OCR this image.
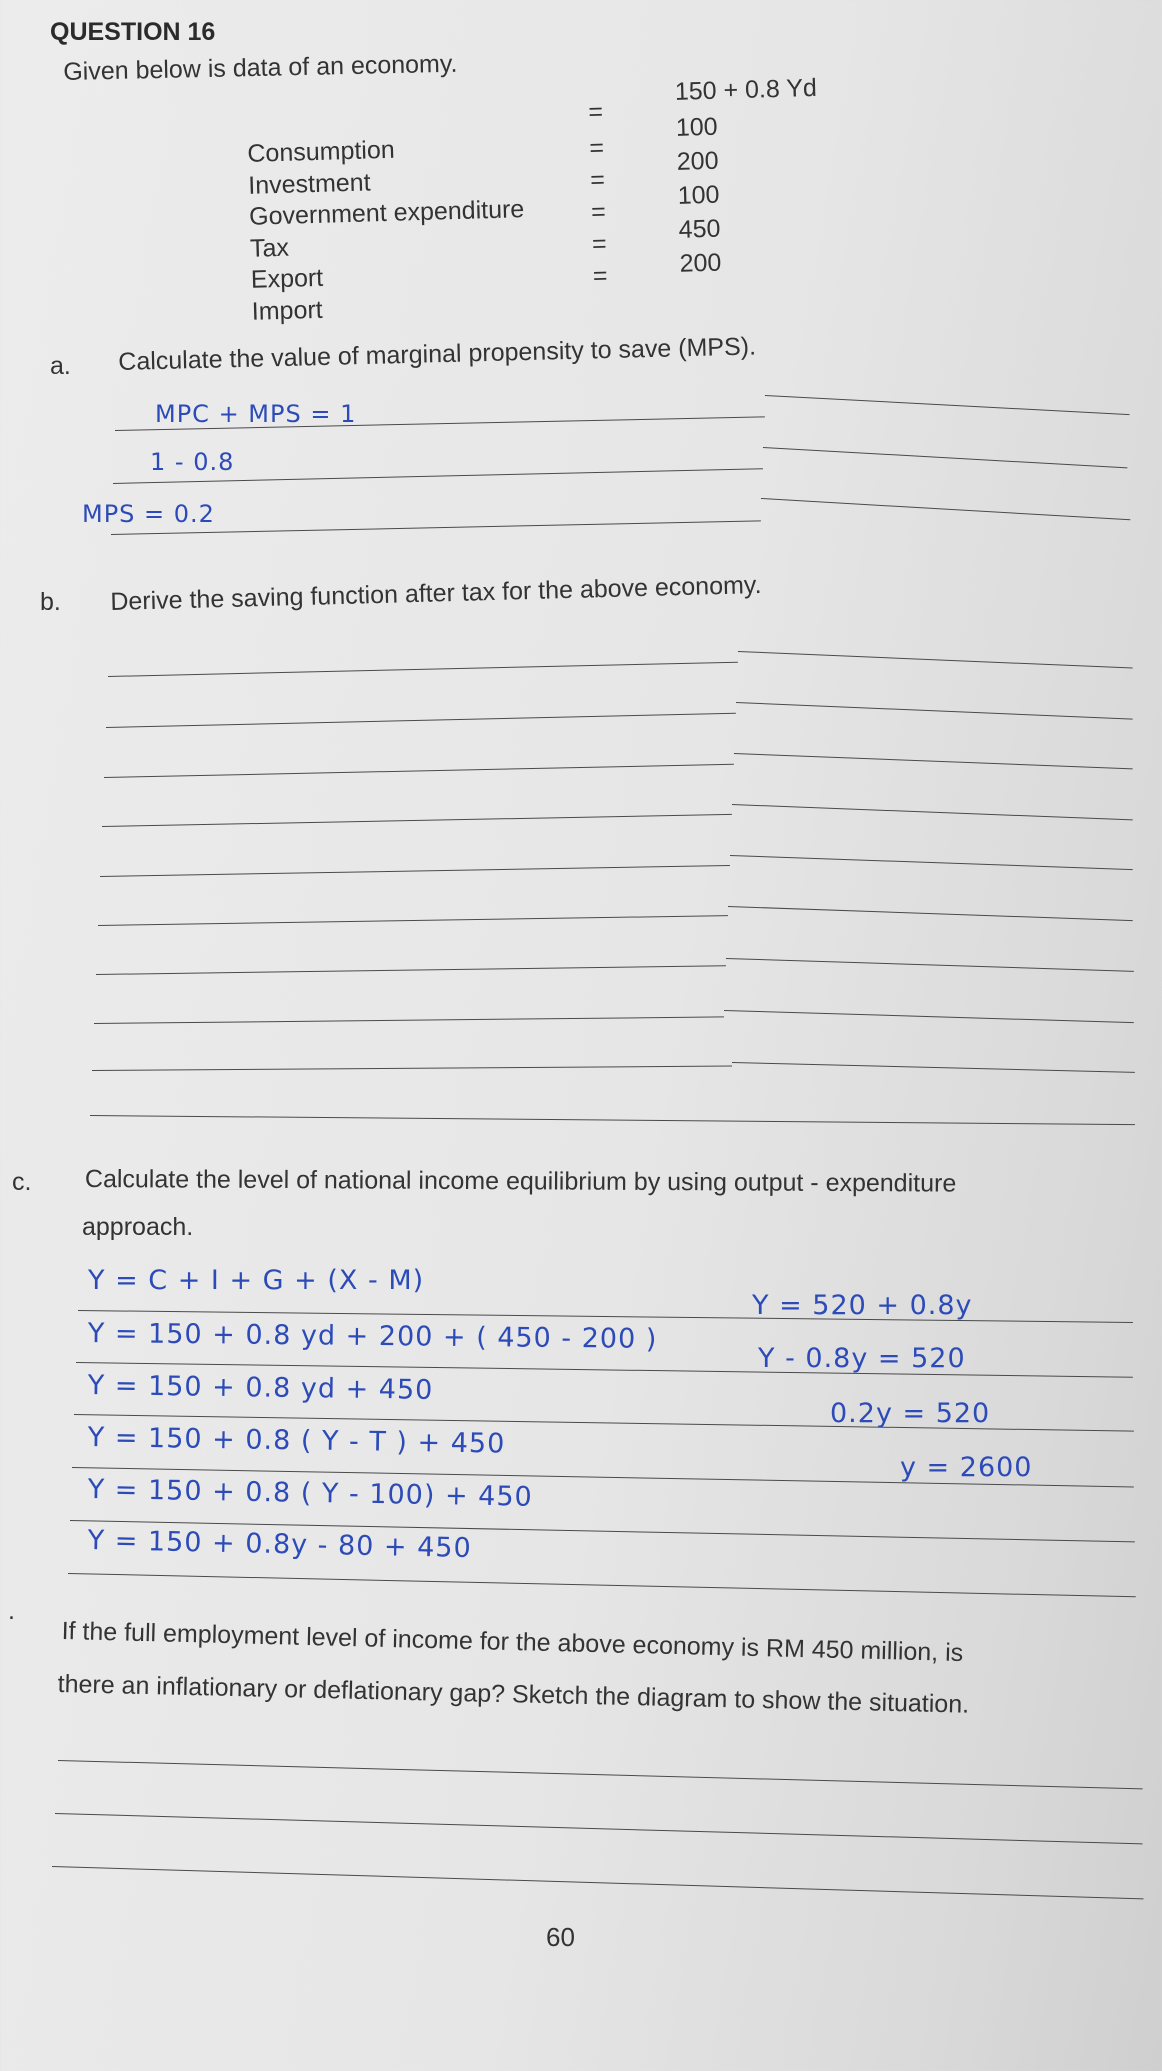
QUESTION 16
Given below is data of an economy.
150 + 0.8 Yd
=
Consumption
100
=
Investment
200
=
Government expenditure	100
=
Tax
450
=
Export
200
=
Import
a. Calculate the value of marginal propensity to save (MPS).
MPC + MPS = 1
1 - 0.8
MPS = 0.2
b. Derive the saving function after tax for the above economy.
c. Calculate the level of national income equilibrium by using output - expenditure
approach.
Y = C + I + G + (X - M)
Y = 150 + 0.8 yd + 200 + ( 450 - 200 )
Y = 150 + 0.8 yd + 450
Y = 150 + 0.8 ( Y - T ) + 450
Y = 150 + 0.8 ( Y - 100) + 450
Y = 150 + 0.8y - 80 + 450
Y = 520 + 0.8y
Y - 0.8y = 520
0.2y = 520
y = 2600
.
If the full employment level of income for the above economy is RM 450 million, is
there an inflationary or deflationary gap? Sketch the diagram to show the situation.
60
